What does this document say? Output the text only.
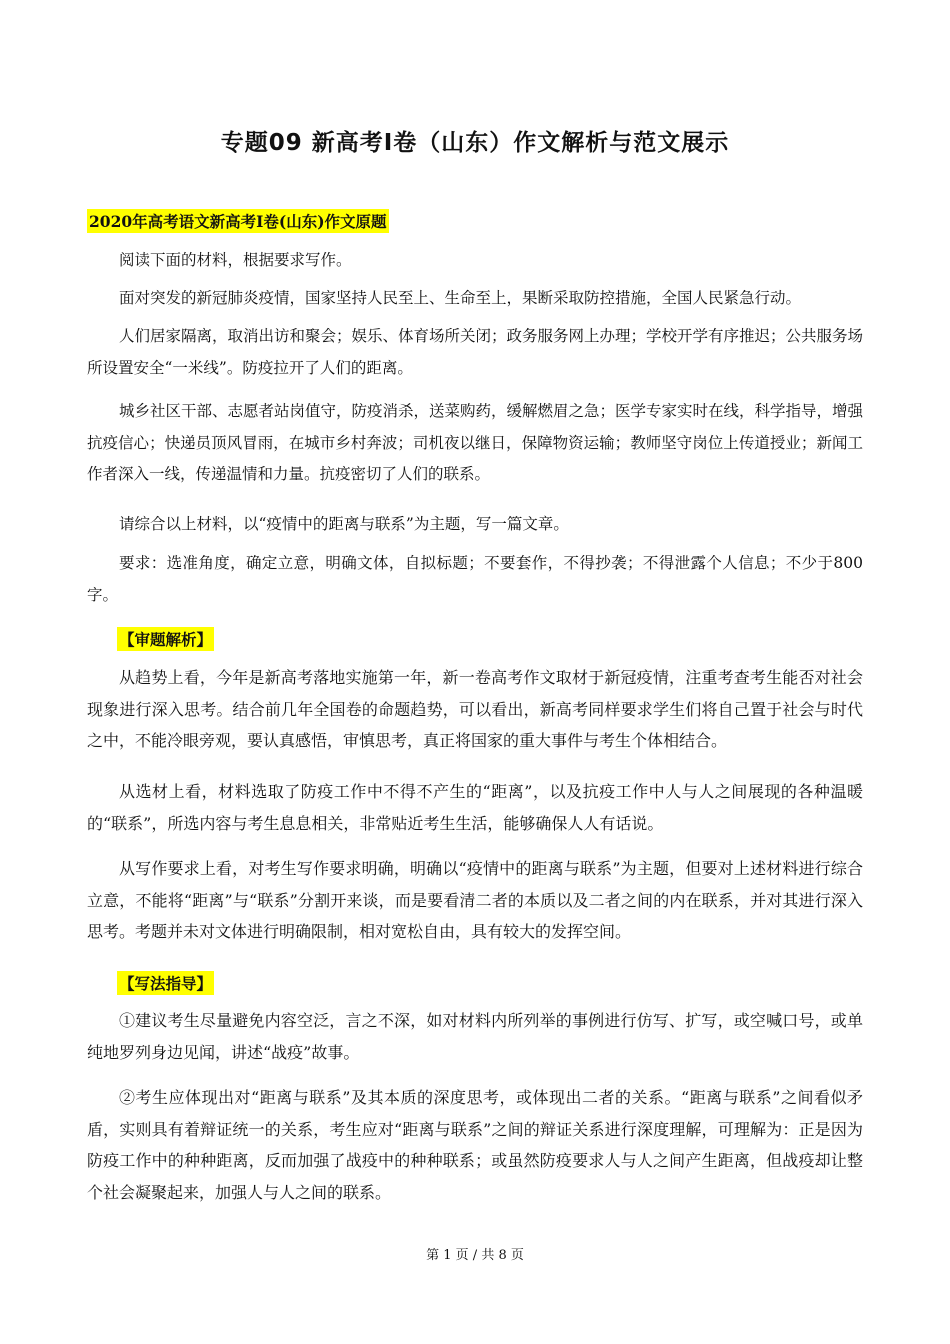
专题09 新高考Ⅰ卷（山东）作文解析与范文展示
2020年高考语文新高考Ⅰ卷(山东)作文原题

阅读下面的材料，根据要求写作。

面对突发的新冠肺炎疫情，国家坚持人民至上、生命至上，果断采取防控措施，全国人民紧急行动。

人们居家隔离，取消出访和聚会；娱乐、体育场所关闭；政务服务网上办理；学校开学有序推迟；公共服务场所设置安全“一米线”。防疫拉开了人们的距离。

城乡社区干部、志愿者站岗值守，防疫消杀，送菜购药，缓解燃眉之急；医学专家实时在线，科学指导，增强抗疫信心；快递员顶风冒雨，在城市乡村奔波；司机夜以继日，保障物资运输；教师坚守岗位上传道授业；新闻工作者深入一线，传递温情和力量。抗疫密切了人们的联系。

请综合以上材料，以“疫情中的距离与联系”为主题，写一篇文章。

要求：选准角度，确定立意，明确文体，自拟标题；不要套作，不得抄袭；不得泄露个人信息；不少于800字。

【审题解析】

从趋势上看，今年是新高考落地实施第一年，新一卷高考作文取材于新冠疫情，注重考查考生能否对社会现象进行深入思考。结合前几年全国卷的命题趋势，可以看出，新高考同样要求学生们将自己置于社会与时代之中，不能冷眼旁观，要认真感悟，审慎思考，真正将国家的重大事件与考生个体相结合。

从选材上看，材料选取了防疫工作中不得不产生的“距离”，以及抗疫工作中人与人之间展现的各种温暖的“联系”，所选内容与考生息息相关，非常贴近考生生活，能够确保人人有话说。

从写作要求上看，对考生写作要求明确，明确以“疫情中的距离与联系”为主题，但要对上述材料进行综合立意，不能将“距离”与“联系”分割开来谈，而是要看清二者的本质以及二者之间的内在联系，并对其进行深入思考。考题并未对文体进行明确限制，相对宽松自由，具有较大的发挥空间。

【写法指导】

①建议考生尽量避免内容空泛，言之不深，如对材料内所列举的事例进行仿写、扩写，或空喊口号，或单纯地罗列身边见闻，讲述“战疫”故事。

②考生应体现出对“距离与联系”及其本质的深度思考，或体现出二者的关系。“距离与联系”之间看似矛盾，实则具有着辩证统一的关系，考生应对“距离与联系”之间的辩证关系进行深度理解，可理解为：正是因为防疫工作中的种种距离，反而加强了战疫中的种种联系；或虽然防疫要求人与人之间产生距离，但战疫却让整个社会凝聚起来，加强人与人之间的联系。

第 1 页 / 共 8 页
